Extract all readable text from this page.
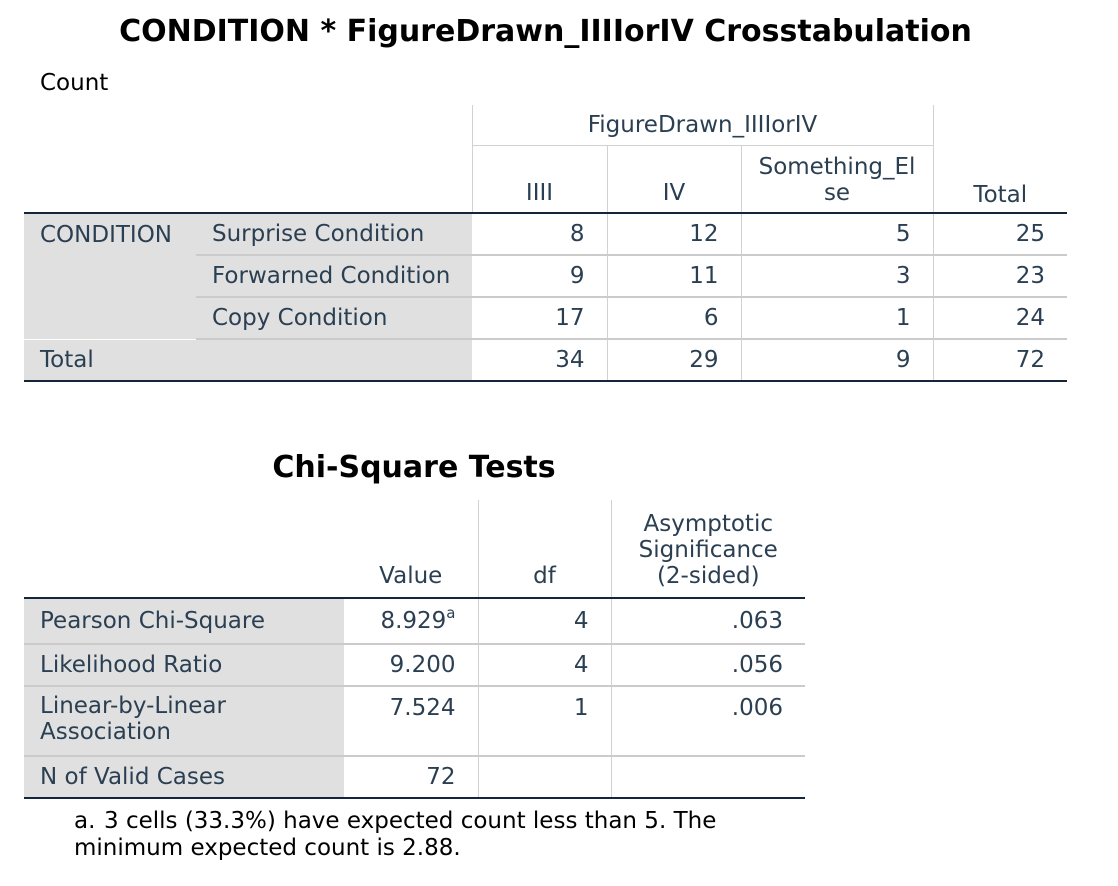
CONDITION * FigureDrawn_IIIIorIV Crosstabulation
Count
		FigureDrawn_IIIIorIV			
		IIII	IV	Something_El
se	Total
CONDITION	Surprise Condition	8	12	5	25
	Forwarned Condition	9	11	3	23
	Copy Condition	17	6	1	24
Total		34	29	9	72
Chi-Square Tests
	Value	df	Asymptotic
Significance
(2-sided)
Pearson Chi-Square	8.929$^a$	4	.063
Likelihood Ratio	9.200	4	.056
Linear-by-Linear
Association	7.524	1	.006
N of Valid Cases	72		
a. 3 cells (33.3%) have expected count less than 5. The minimum expected count is 2.88.
